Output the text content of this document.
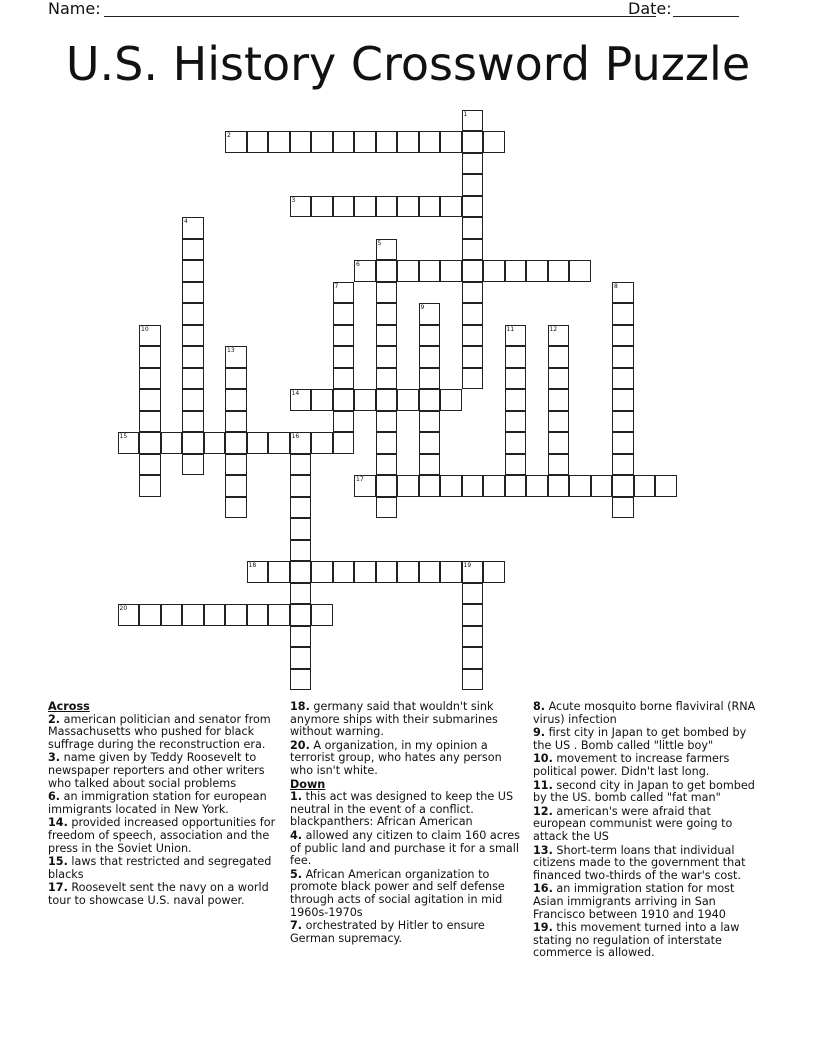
Name:	Date:
U.S. History Crossword Puzzle
1
2
3
4
5
6
7	8
9
10	11	12
13
14
15	16
17
18	19
20
Across
2. american politician and senator from Massachusetts who pushed for black suffrage during the reconstruction era.
3. name given by Teddy Roosevelt to newspaper reporters and other writers who talked about social problems
6. an immigration station for european immigrants located in New York.
14. provided increased opportunities for freedom of speech, association and the press in the Soviet Union.
15. laws that restricted and segregated blacks
17. Roosevelt sent the navy on a world tour to showcase U.S. naval power.
18. germany said that wouldn't sink anymore ships with their submarines without warning.
20. A organization, in my opinion a terrorist group, who hates any person who isn't white.
Down
1. this act was designed to keep the US neutral in the event of a conflict. blackpanthers: African American
4. allowed any citizen to claim 160 acres of public land and purchase it for a small fee.
5. African American organization to promote black power and self defense through acts of social agitation in mid 1960s-1970s
7. orchestrated by Hitler to ensure German supremacy.
8. Acute mosquito borne flaviviral (RNA virus) infection
9. first city in Japan to get bombed by the US . Bomb called "little boy"
10. movement to increase farmers political power. Didn't last long.
11. second city in Japan to get bombed by the US. bomb called "fat man"
12. american's were afraid that european communist were going to attack the US
13. Short-term loans that individual citizens made to the government that financed two-thirds of the war's cost.
16. an immigration station for most Asian immigrants arriving in San Francisco between 1910 and 1940
19. this movement turned into a law stating no regulation of interstate commerce is allowed.
